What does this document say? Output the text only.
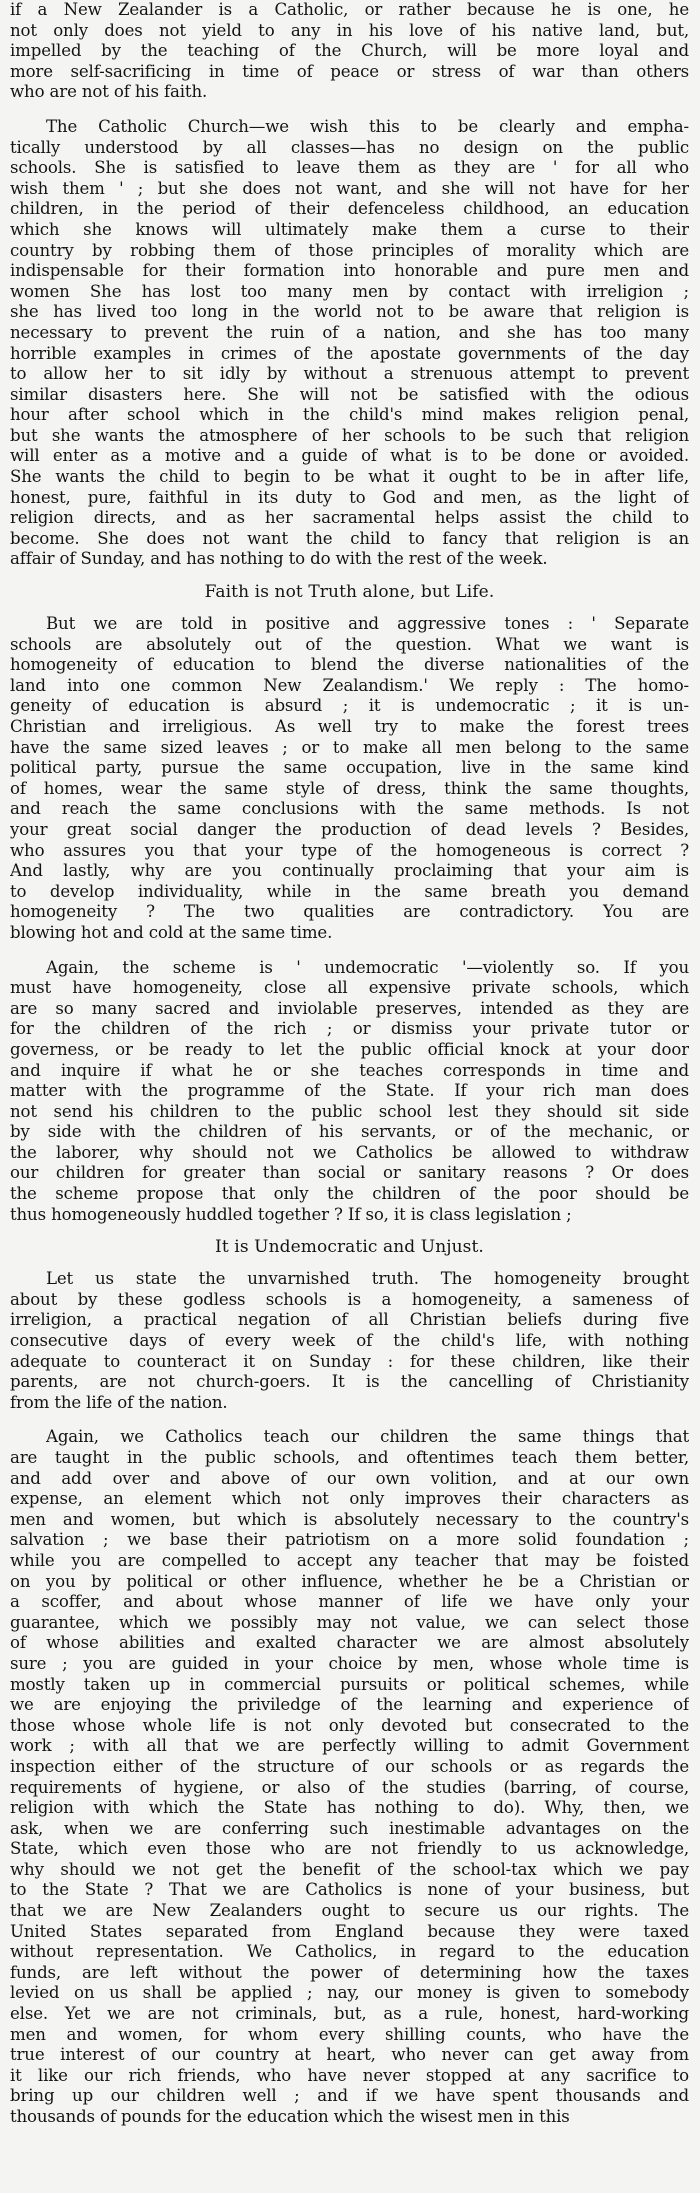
if a New Zealander is a Catholic, or rather because he is one, he
not only does not yield to any in his love of his native land, but,
impelled by the teaching of the Church, will be more loyal and
more self-sacrificing in time of peace or stress of war than others
who are not of his faith.
The Catholic Church—we wish this to be clearly and empha-
tically understood by all classes—has no design on the public
schools. She is satisfied to leave them as they are ' for all who
wish them ' ; but she does not want, and she will not have for her
children, in the period of their defenceless childhood, an education
which she knows will ultimately make them a curse to their
country by robbing them of those principles of morality which are
indispensable for their formation into honorable and pure men and
women She has lost too many men by contact with irreligion ;
she has lived too long in the world not to be aware that religion is
necessary to prevent the ruin of a nation, and she has too many
horrible examples in crimes of the apostate governments of the day
to allow her to sit idly by without a strenuous attempt to prevent
similar disasters here. She will not be satisfied with the odious
hour after school which in the child's mind makes religion penal,
but she wants the atmosphere of her schools to be such that religion
will enter as a motive and a guide of what is to be done or avoided.
She wants the child to begin to be what it ought to be in after life,
honest, pure, faithful in its duty to God and men, as the light of
religion directs, and as her sacramental helps assist the child to
become. She does not want the child to fancy that religion is an
affair of Sunday, and has nothing to do with the rest of the week.
Faith is not Truth alone, but Life.
But we are told in positive and aggressive tones : ' Separate
schools are absolutely out of the question. What we want is
homogeneity of education to blend the diverse nationalities of the
land into one common New Zealandism.' We reply : The homo-
geneity of education is absurd ; it is undemocratic ; it is un-
Christian and irreligious. As well try to make the forest trees
have the same sized leaves ; or to make all men belong to the same
political party, pursue the same occupation, live in the same kind
of homes, wear the same style of dress, think the same thoughts,
and reach the same conclusions with the same methods. Is not
your great social danger the production of dead levels ? Besides,
who assures you that your type of the homogeneous is correct ?
And lastly, why are you continually proclaiming that your aim is
to develop individuality, while in the same breath you demand
homogeneity ? The two qualities are contradictory. You are
blowing hot and cold at the same time.
Again, the scheme is ' undemocratic '—violently so. If you
must have homogeneity, close all expensive private schools, which
are so many sacred and inviolable preserves, intended as they are
for the children of the rich ; or dismiss your private tutor or
governess, or be ready to let the public official knock at your door
and inquire if what he or she teaches corresponds in time and
matter with the programme of the State. If your rich man does
not send his children to the public school lest they should sit side
by side with the children of his servants, or of the mechanic, or
the laborer, why should not we Catholics be allowed to withdraw
our children for greater than social or sanitary reasons ? Or does
the scheme propose that only the children of the poor should be
thus homogeneously huddled together ? If so, it is class legislation ;
It is Undemocratic and Unjust.
Let us state the unvarnished truth. The homogeneity brought
about by these godless schools is a homogeneity, a sameness of
irreligion, a practical negation of all Christian beliefs during five
consecutive days of every week of the child's life, with nothing
adequate to counteract it on Sunday : for these children, like their
parents, are not church-goers. It is the cancelling of Christianity
from the life of the nation.
Again, we Catholics teach our children the same things that
are taught in the public schools, and oftentimes teach them better,
and add over and above of our own volition, and at our own
expense, an element which not only improves their characters as
men and women, but which is absolutely necessary to the country's
salvation ; we base their patriotism on a more solid foundation ;
while you are compelled to accept any teacher that may be foisted
on you by political or other influence, whether he be a Christian or
a scoffer, and about whose manner of life we have only your
guarantee, which we possibly may not value, we can select those
of whose abilities and exalted character we are almost absolutely
sure ; you are guided in your choice by men, whose whole time is
mostly taken up in commercial pursuits or political schemes, while
we are enjoying the priviledge of the learning and experience of
those whose whole life is not only devoted but consecrated to the
work ; with all that we are perfectly willing to admit Government
inspection either of the structure of our schools or as regards the
requirements of hygiene, or also of the studies (barring, of course,
religion with which the State has nothing to do). Why, then, we
ask, when we are conferring such inestimable advantages on the
State, which even those who are not friendly to us acknowledge,
why should we not get the benefit of the school-tax which we pay
to the State ? That we are Catholics is none of your business, but
that we are New Zealanders ought to secure us our rights. The
United States separated from England because they were taxed
without representation. We Catholics, in regard to the education
funds, are left without the power of determining how the taxes
levied on us shall be applied ; nay, our money is given to somebody
else. Yet we are not criminals, but, as a rule, honest, hard-working
men and women, for whom every shilling counts, who have the
true interest of our country at heart, who never can get away from
it like our rich friends, who have never stopped at any sacrifice to
bring up our children well ; and if we have spent thousands and
thousands of pounds for the education which the wisest men in this
